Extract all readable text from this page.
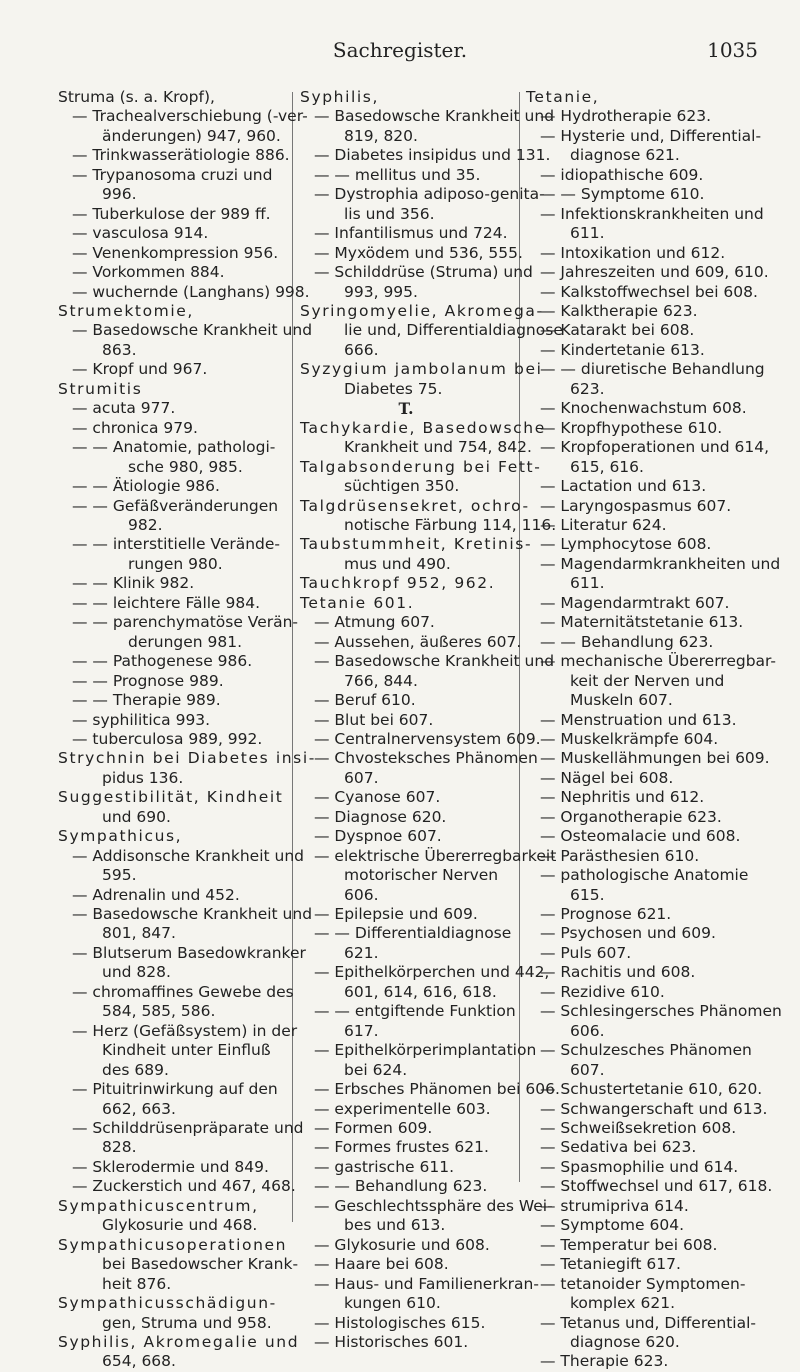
Sachregister.	1035
Struma (s. a. Kropf),
— Trachealverschiebung (-ver-
änderungen) 947, 960.
— Trinkwasserätiologie 886.
— Trypanosoma cruzi und
996.
— Tuberkulose der 989 ff.
— vasculosa 914.
— Venenkompression 956.
— Vorkommen 884.
— wuchernde (Langhans) 998.
Strumektomie,
— Basedowsche Krankheit und
863.
— Kropf und 967.
Strumitis
— acuta 977.
— chronica 979.
— — Anatomie, pathologi-
sche 980, 985.
— — Ätiologie 986.
— — Gefäßveränderungen
982.
— — interstitielle Verände-
rungen 980.
— — Klinik 982.
— — leichtere Fälle 984.
— — parenchymatöse Verän-
derungen 981.
— — Pathogenese 986.
— — Prognose 989.
— — Therapie 989.
— syphilitica 993.
— tuberculosa 989, 992.
Strychnin bei Diabetes insi-
pidus 136.
Suggestibilität, Kindheit
und 690.
Sympathicus,
— Addisonsche Krankheit und
595.
— Adrenalin und 452.
— Basedowsche Krankheit und
801, 847.
— Blutserum Basedowkranker
und 828.
— chromaffines Gewebe des
584, 585, 586.
— Herz (Gefäßsystem) in der
Kindheit unter Einfluß
des 689.
— Pituitrinwirkung auf den
662, 663.
— Schilddrüsenpräparate und
828.
— Sklerodermie und 849.
— Zuckerstich und 467, 468.
Sympathicuscentrum,
Glykosurie und 468.
Sympathicusoperationen
bei Basedowscher Krank-
heit 876.
Sympathicusschädigun-
gen, Struma und 958.
Syphilis, Akromegalie und
654, 668.
Syphilis,
— Basedowsche Krankheit und
819, 820.
— Diabetes insipidus und 131.
— — mellitus und 35.
— Dystrophia adiposo-genita-
lis und 356.
— Infantilismus und 724.
— Myxödem und 536, 555.
— Schilddrüse (Struma) und
993, 995.
Syringomyelie, Akromega-
lie und, Differentialdiagnose
666.
Syzygium jambolanum bei
Diabetes 75.
T.
Tachykardie, Basedowsche
Krankheit und 754, 842.
Talgabsonderung bei Fett-
süchtigen 350.
Talgdrüsensekret, ochro-
notische Färbung 114, 116.
Taubstummheit, Kretinis-
mus und 490.
Tauchkropf 952, 962.
Tetanie 601.
— Atmung 607.
— Aussehen, äußeres 607.
— Basedowsche Krankheit und
766, 844.
— Beruf 610.
— Blut bei 607.
— Centralnervensystem 609.
— Chvosteksches Phänomen
607.
— Cyanose 607.
— Diagnose 620.
— Dyspnoe 607.
— elektrische Übererregbarkeit
motorischer Nerven
606.
— Epilepsie und 609.
— — Differentialdiagnose
621.
— Epithelkörperchen und 442,
601, 614, 616, 618.
— — entgiftende Funktion
617.
— Epithelkörperimplantation
bei 624.
— Erbsches Phänomen bei 606.
— experimentelle 603.
— Formen 609.
— Formes frustes 621.
— gastrische 611.
— — Behandlung 623.
— Geschlechtssphäre des Wei-
bes und 613.
— Glykosurie und 608.
— Haare bei 608.
— Haus- und Familienerkran-
kungen 610.
— Histologisches 615.
— Historisches 601.
Tetanie,
— Hydrotherapie 623.
— Hysterie und, Differential-
diagnose 621.
— idiopathische 609.
— — Symptome 610.
— Infektionskrankheiten und
611.
— Intoxikation und 612.
— Jahreszeiten und 609, 610.
— Kalkstoffwechsel bei 608.
— Kalktherapie 623.
— Katarakt bei 608.
— Kindertetanie 613.
— — diuretische Behandlung
623.
— Knochenwachstum 608.
— Kropfhypothese 610.
— Kropfoperationen und 614,
615, 616.
— Lactation und 613.
— Laryngospasmus 607.
— Literatur 624.
— Lymphocytose 608.
— Magendarmkrankheiten und
611.
— Magendarmtrakt 607.
— Maternitätstetanie 613.
— — Behandlung 623.
— mechanische Übererregbar-
keit der Nerven und
Muskeln 607.
— Menstruation und 613.
— Muskelkrämpfe 604.
— Muskellähmungen bei 609.
— Nägel bei 608.
— Nephritis und 612.
— Organotherapie 623.
— Osteomalacie und 608.
— Parästhesien 610.
— pathologische Anatomie
615.
— Prognose 621.
— Psychosen und 609.
— Puls 607.
— Rachitis und 608.
— Rezidive 610.
— Schlesingersches Phänomen
606.
— Schulzesches Phänomen
607.
— Schustertetanie 610, 620.
— Schwangerschaft und 613.
— Schweißsekretion 608.
— Sedativa bei 623.
— Spasmophilie und 614.
— Stoffwechsel und 617, 618.
— strumipriva 614.
— Symptome 604.
— Temperatur bei 608.
— Tetaniegift 617.
— tetanoider Symptomen-
komplex 621.
— Tetanus und, Differential-
diagnose 620.
— Therapie 623.
